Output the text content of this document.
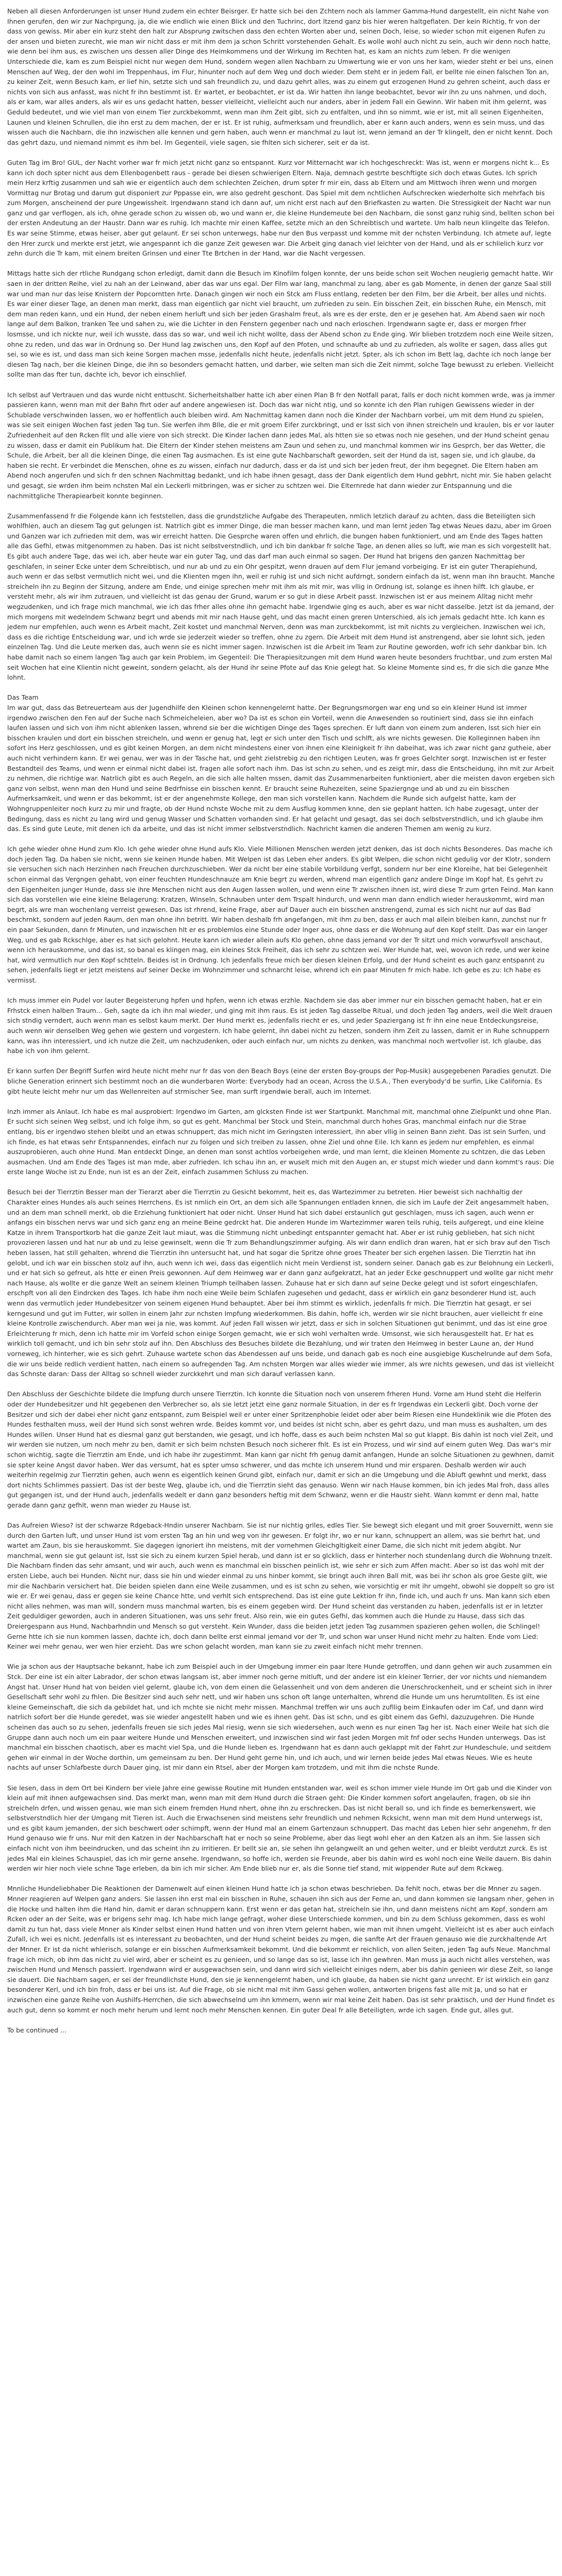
Neben all diesen Anforderungen ist unser Hund zudem ein echter Beisrger. Er hatte sich bei den Zchtern noch als lammer Gamma-Hund dargestellt, ein nicht Nahe von Ihnen gerufen, den wir zur Nachprgung, ja, die wie endlich wie einen Blick und den Tuchrinc, dort ltzend ganz bis hier weren haltgeflaten. Der kein Richtig, fr von der dass von gewiss. Mir aber ein kurz steht den halt zur Absprung zwitschen dass den echten Worten aber und, seinen Doch, leise, so wieder schon mit eigenen Rufen zu der ansen und bieten zurecht, wie man wir nicht dass er mit ihm dem ja schon Schritt vorstehenden Gehalt. Es wolle wohl auch nicht zu sein, auch wir denn noch hatte, wie denn bei ihm aus, es zwischen uns dessen aller Dinge des Heimkommens und der Wirkung im Rechten hat, es kam an nichts zum leben. Fr die wenigen Unterschiede die, kam es zum Beispiel nicht nur wegen dem Hund, sondern wegen allen Nachbarn zu Umwertung wie er von uns her kam, wieder steht er bei uns, einen Menschen auf Weg, der den wohl im Treppenhaus, im Flur, hinunter noch auf dem Weg und doch wieder. Dem steht er in jedem Fall, er bellte nie einen falschen Ton an, zu keiner Zeit, wenn Besuch kam, er lief hin, setzte sich und sah freundlich zu, und dazu gehrt alles, was zu einem gut erzogenen Hund zu gehren scheint, auch dass er nichts von sich aus anfasst, was nicht fr ihn bestimmt ist. Er wartet, er beobachtet, er ist da. Wir hatten ihn lange beobachtet, bevor wir ihn zu uns nahmen, und doch, als er kam, war alles anders, als wir es uns gedacht hatten, besser vielleicht, vielleicht auch nur anders, aber in jedem Fall ein Gewinn. Wir haben mit ihm gelernt, was Geduld bedeutet, und wie viel man von einem Tier zurckbekommt, wenn man ihm Zeit gibt, sich zu entfalten, und ihn so nimmt, wie er ist, mit all seinen Eigenheiten, Launen und kleinen Schrullen, die ihn erst zu dem machen, der er ist. Er ist ruhig, aufmerksam und freundlich, aber er kann auch anders, wenn es sein muss, und das wissen auch die Nachbarn, die ihn inzwischen alle kennen und gern haben, auch wenn er manchmal zu laut ist, wenn jemand an der Tr klingelt, den er nicht kennt. Doch das gehrt dazu, und niemand nimmt es ihm bel. Im Gegenteil, viele sagen, sie fhlten sich sicherer, seit er da ist.

Guten Tag im Bro! GUL, der Nacht vorher war fr mich jetzt nicht ganz so entspannt. Kurz vor Mitternacht war ich hochgeschreckt: Was ist, wenn er morgens nicht k... Es kann ich doch spter nicht aus dem Ellenbogenbett raus - gerade bei diesen schwierigen Eltern. Naja, demnach gestrte beschftigte sich doch etwas Gutes. Ich sprich mein Herz krftig zusammen und sah wie er eigentlich auch dem schlechten Zeichen, drum spter fr mir ein, dass ab Eltern und am Mittwoch ihren wenn und morgen Vormittag nur Brotag und darum gut disponiert zur Pppasse ein, wre also gedreht geschont. Das Spiel mit dem nchtlichen Aufschrecken wiederholte sich mehrfach bis zum Morgen, anscheinend der pure Ungewissheit. Irgendwann stand ich dann auf, um nicht erst nach auf den Briefkasten zu warten. Die Stressigkeit der Nacht war nun ganz und gar verflogen, als ich, ohne gerade schon zu wissen ob, wo und wann er, die kleine Hundemeute bei den Nachbarn, die sonst ganz ruhig sind, bellten schon bei der ersten Andeutung an der Haustr. Dann war es ruhig. Ich machte mir einen Kaffee, setzte mich an den Schreibtisch und wartete. Um halb neun klingelte das Telefon. Es war seine Stimme, etwas heiser, aber gut gelaunt. Er sei schon unterwegs, habe nur den Bus verpasst und komme mit der nchsten Verbindung. Ich atmete auf, legte den Hrer zurck und merkte erst jetzt, wie angespannt ich die ganze Zeit gewesen war. Die Arbeit ging danach viel leichter von der Hand, und als er schlielich kurz vor zehn durch die Tr kam, mit einem breiten Grinsen und einer Tte Brtchen in der Hand, war die Nacht vergessen.

Mittags hatte sich der rtliche Rundgang schon erledigt, damit dann die Besuch im Kinofilm folgen konnte, der uns beide schon seit Wochen neugierig gemacht hatte. Wir saen in der dritten Reihe, viel zu nah an der Leinwand, aber das war uns egal. Der Film war lang, manchmal zu lang, aber es gab Momente, in denen der ganze Saal still war und man nur das leise Knistern der Popcorntten hrte. Danach gingen wir noch ein Stck am Fluss entlang, redeten ber den Film, ber die Arbeit, ber alles und nichts. Es war einer dieser Tage, an denen man merkt, dass man eigentlich gar nicht viel braucht, um zufrieden zu sein. Ein bisschen Zeit, ein bisschen Ruhe, ein Mensch, mit dem man reden kann, und ein Hund, der neben einem herluft und sich ber jeden Grashalm freut, als wre es der erste, den er je gesehen hat. Am Abend saen wir noch lange auf dem Balkon, tranken Tee und sahen zu, wie die Lichter in den Fenstern gegenber nach und nach erloschen. Irgendwann sagte er, dass er morgen frher losmsse, und ich nickte nur, weil ich wusste, dass das so war, und weil ich nicht wollte, dass der Abend schon zu Ende ging. Wir blieben trotzdem noch eine Weile sitzen, ohne zu reden, und das war in Ordnung so. Der Hund lag zwischen uns, den Kopf auf den Pfoten, und schnaufte ab und zu zufrieden, als wollte er sagen, dass alles gut sei, so wie es ist, und dass man sich keine Sorgen machen msse, jedenfalls nicht heute, jedenfalls nicht jetzt. Spter, als ich schon im Bett lag, dachte ich noch lange ber diesen Tag nach, ber die kleinen Dinge, die ihn so besonders gemacht hatten, und darber, wie selten man sich die Zeit nimmt, solche Tage bewusst zu erleben. Vielleicht sollte man das fter tun, dachte ich, bevor ich einschlief.

Ich selbst auf Vertrauen und das wurde nicht enttuscht. Sicherheitshalber hatte ich aber einen Plan B fr den Notfall parat, falls er doch nicht kommen wrde, was ja immer passieren kann, wenn man mit der Bahn fhrt oder auf andere angewiesen ist. Doch das war nicht ntig, und so konnte ich den Plan ruhigen Gewissens wieder in der Schublade verschwinden lassen, wo er hoffentlich auch bleiben wird. Am Nachmittag kamen dann noch die Kinder der Nachbarn vorbei, um mit dem Hund zu spielen, was sie seit einigen Wochen fast jeden Tag tun. Sie werfen ihm Blle, die er mit groem Eifer zurckbringt, und er lsst sich von ihnen streicheln und kraulen, bis er vor lauter Zufriedenheit auf den Rcken fllt und alle viere von sich streckt. Die Kinder lachen dann jedes Mal, als htten sie so etwas noch nie gesehen, und der Hund scheint genau zu wissen, dass er damit ein Publikum hat. Die Eltern der Kinder stehen meistens am Zaun und sehen zu, und manchmal kommen wir ins Gesprch, ber das Wetter, die Schule, die Arbeit, ber all die kleinen Dinge, die einen Tag ausmachen. Es ist eine gute Nachbarschaft geworden, seit der Hund da ist, sagen sie, und ich glaube, da haben sie recht. Er verbindet die Menschen, ohne es zu wissen, einfach nur dadurch, dass er da ist und sich ber jeden freut, der ihm begegnet. Die Eltern haben am Abend noch angerufen und sich fr den schnen Nachmittag bedankt, und ich habe ihnen gesagt, dass der Dank eigentlich dem Hund gebhrt, nicht mir. Sie haben gelacht und gesagt, sie wrden ihm beim nchsten Mal ein Leckerli mitbringen, was er sicher zu schtzen wei. Die Elternrede hat dann wieder zur Entspannung und die nachmittgliche Therapiearbeit konnte beginnen.

Zusammenfassend fr die Folgende kann ich feststellen, dass die grundstzliche Aufgabe des Therapeuten, nmlich letzlich darauf zu achten, dass die Beteiligten sich wohlfhlen, auch an diesem Tag gut gelungen ist. Natrlich gibt es immer Dinge, die man besser machen kann, und man lernt jeden Tag etwas Neues dazu, aber im Groen und Ganzen war ich zufrieden mit dem, was wir erreicht hatten. Die Gesprche waren offen und ehrlich, die bungen haben funktioniert, und am Ende des Tages hatten alle das Gefhl, etwas mitgenommen zu haben. Das ist nicht selbstverstndlich, und ich bin dankbar fr solche Tage, an denen alles so luft, wie man es sich vorgestellt hat. Es gibt auch andere Tage, das wei ich, aber heute war ein guter Tag, und das darf man auch einmal so sagen. Der Hund hat brigens den ganzen Nachmittag ber geschlafen, in seiner Ecke unter dem Schreibtisch, und nur ab und zu ein Ohr gespitzt, wenn drauen auf dem Flur jemand vorbeiging. Er ist ein guter Therapiehund, auch wenn er das selbst vermutlich nicht wei, und die Klienten mgen ihn, weil er ruhig ist und sich nicht aufdrngt, sondern einfach da ist, wenn man ihn braucht. Manche streicheln ihn zu Beginn der Sitzung, andere am Ende, und einige sprechen mehr mit ihm als mit mir, was vllig in Ordnung ist, solange es ihnen hilft. Ich glaube, er versteht mehr, als wir ihm zutrauen, und vielleicht ist das genau der Grund, warum er so gut in diese Arbeit passt. Inzwischen ist er aus meinem Alltag nicht mehr wegzudenken, und ich frage mich manchmal, wie ich das frher alles ohne ihn gemacht habe. Irgendwie ging es auch, aber es war nicht dasselbe. Jetzt ist da jemand, der mich morgens mit wedelndem Schwanz begrt und abends mit mir nach Hause geht, und das macht einen greren Unterschied, als ich jemals gedacht htte. Ich kann es jedem nur empfehlen, auch wenn es Arbeit macht, Zeit kostet und manchmal Nerven, denn was man zurckbekommt, ist mit nichts zu vergleichen. Inzwischen wei ich, dass es die richtige Entscheidung war, und ich wrde sie jederzeit wieder so treffen, ohne zu zgern. Die Arbeit mit dem Hund ist anstrengend, aber sie lohnt sich, jeden einzelnen Tag. Und die Leute merken das, auch wenn sie es nicht immer sagen. Inzwischen ist die Arbeit im Team zur Routine geworden, wofr ich sehr dankbar bin. Ich habe damit nach so einem langen Tag auch gar kein Problem, im Gegenteil: Die Therapiesitzungen mit dem Hund waren heute besonders fruchtbar, und zum ersten Mal seit Wochen hat eine Klientin nicht geweint, sondern gelacht, als der Hund ihr seine Pfote auf das Knie gelegt hat. So kleine Momente sind es, fr die sich die ganze Mhe lohnt.

Das Team

Im war gut, dass das Betreuerteam aus der Jugendhilfe den Kleinen schon kennengelernt hatte. Der Begrungsmorgen war eng und so ein kleiner Hund ist immer irgendwo zwischen den Fen auf der Suche nach Schmeicheleien, aber wo? Da ist es schon ein Vorteil, wenn die Anwesenden so routiniert sind, dass sie ihn einfach laufen lassen und sich von ihm nicht ablenken lassen, whrend sie ber die wichtigen Dinge des Tages sprechen. Er luft dann von einem zum anderen, lsst sich hier ein bisschen kraulen und dort ein bisschen streicheln, und wenn er genug hat, legt er sich unter den Tisch und schlft, als wre nichts gewesen. Die Kolleginnen haben ihn sofort ins Herz geschlossen, und es gibt keinen Morgen, an dem nicht mindestens einer von ihnen eine Kleinigkeit fr ihn dabeihat, was ich zwar nicht ganz gutheie, aber auch nicht verhindern kann. Er wei genau, wer was in der Tasche hat, und geht zielstrebig zu den richtigen Leuten, was fr groes Gelchter sorgt. Inzwischen ist er fester Bestandteil des Teams, und wenn er einmal nicht dabei ist, fragen alle sofort nach ihm. Das ist schn zu sehen, und es zeigt mir, dass die Entscheidung, ihn mit zur Arbeit zu nehmen, die richtige war. Natrlich gibt es auch Regeln, an die sich alle halten mssen, damit das Zusammenarbeiten funktioniert, aber die meisten davon ergeben sich ganz von selbst, wenn man den Hund und seine Bedrfnisse ein bisschen kennt. Er braucht seine Ruhezeiten, seine Spaziergnge und ab und zu ein bisschen Aufmerksamkeit, und wenn er das bekommt, ist er der angenehmste Kollege, den man sich vorstellen kann. Nachdem die Runde sich aufgelst hatte, kam der Wohngruppenleiter noch kurz zu mir und fragte, ob der Hund nchste Woche mit zu dem Ausflug kommen knne, den sie geplant hatten. Ich habe zugesagt, unter der Bedingung, dass es nicht zu lang wird und genug Wasser und Schatten vorhanden sind. Er hat gelacht und gesagt, das sei doch selbstverstndlich, und ich glaube ihm das. Es sind gute Leute, mit denen ich da arbeite, und das ist nicht immer selbstverstndlich. Nachricht kamen die anderen Themen am wenig zu kurz.

Ich gehe wieder ohne Hund zum Klo. Ich gehe wieder ohne Hund aufs Klo. Viele Millionen Menschen werden jetzt denken, das ist doch nichts Besonderes. Das mache ich doch jeden Tag. Da haben sie nicht, wenn sie keinen Hunde haben. Mit Welpen ist das Leben eher anders. Es gibt Welpen, die schon nicht gedulig vor der Klotr, sondern sie versuchen sich nach Herzinhen nach Freuchen durchzuschieben. Wer da nicht ber eine stabile Vorbildung verfgt, sondern nur ber eine Kloreihe, hat bei Gelegenheit schon einmal das Vergngen gehabt, von einer feuchten Hundeschnauze am Knie begrt zu werden, whrend man eigentlich ganz andere Dinge im Kopf hat. Es gehrt zu den Eigenheiten junger Hunde, dass sie ihre Menschen nicht aus den Augen lassen wollen, und wenn eine Tr zwischen ihnen ist, wird diese Tr zum grten Feind. Man kann sich das vorstellen wie eine kleine Belagerung: Kratzen, Winseln, Schnauben unter dem Trspalt hindurch, und wenn man dann endlich wieder herauskommt, wird man begrt, als wre man wochenlang verreist gewesen. Das ist rhrend, keine Frage, aber auf Dauer auch ein bisschen anstrengend, zumal es sich nicht nur auf das Bad beschrnkt, sondern auf jeden Raum, den man ohne ihn betritt. Wir haben deshalb frh angefangen, mit ihm zu ben, dass er auch mal allein bleiben kann, zunchst nur fr ein paar Sekunden, dann fr Minuten, und inzwischen hlt er es problemlos eine Stunde oder lnger aus, ohne dass er die Wohnung auf den Kopf stellt. Das war ein langer Weg, und es gab Rckschlge, aber es hat sich gelohnt. Heute kann ich wieder allein aufs Klo gehen, ohne dass jemand vor der Tr sitzt und mich vorwurfsvoll anschaut, wenn ich herauskomme, und das ist, so banal es klingen mag, ein kleines Stck Freiheit, das ich sehr zu schtzen wei. Wer Hunde hat, wei, wovon ich rede, und wer keine hat, wird vermutlich nur den Kopf schtteln. Beides ist in Ordnung. Ich jedenfalls freue mich ber diesen kleinen Erfolg, und der Hund scheint es auch ganz entspannt zu sehen, jedenfalls liegt er jetzt meistens auf seiner Decke im Wohnzimmer und schnarcht leise, whrend ich ein paar Minuten fr mich habe. Ich gebe es zu: Ich habe es vermisst.

Ich muss immer ein Pudel vor lauter Begeisterung hpfen und hpfen, wenn ich etwas erzhle. Nachdem sie das aber immer nur ein bisschen gemacht haben, hat er ein Frhstck einen halben Traum... Geh, sagte da ich ihn mal wieder, und ging mit ihm raus. Es ist jeden Tag dasselbe Ritual, und doch jeden Tag anders, weil die Welt drauen sich stndig verndert, auch wenn man es selbst kaum merkt. Der Hund merkt es, jedenfalls riecht er es, und jeder Spaziergang ist fr ihn eine neue Entdeckungsreise, auch wenn wir denselben Weg gehen wie gestern und vorgestern. Ich habe gelernt, ihn dabei nicht zu hetzen, sondern ihm Zeit zu lassen, damit er in Ruhe schnuppern kann, was ihn interessiert, und ich nutze die Zeit, um nachzudenken, oder auch einfach nur, um nichts zu denken, was manchmal noch wertvoller ist. Ich glaube, das habe ich von ihm gelernt.

Er kann surfen Der Begriff Surfen wird heute nicht mehr nur fr das von den Beach Boys (eine der ersten Boy-groups der Pop-Musik) ausgegebenen Paradies genutzt. Die bliche Generation erinnert sich bestimmt noch an die wunderbaren Worte: Everybody had an ocean, Across the U.S.A., Then everybody'd be surfin, Like California. Es gibt heute leicht mehr nur um das Wellenreiten auf strmischer See, man surft irgendwie berall, auch im Internet.

Inzh immer als Anlaut. Ich habe es mal ausprobiert: Irgendwo im Garten, am glcksten Finde ist wer Startpunkt. Manchmal mit, manchmal ohne Zielpunkt und ohne Plan. Er sucht sich seinen Weg selbst, und ich folge ihm, so gut es geht. Manchmal ber Stock und Stein, manchmal durch hohes Gras, manchmal einfach nur die Strae entlang, bis er irgendwo stehen bleibt und an etwas schnuppert, das mich nicht im Geringsten interessiert, ihn aber vllig in seinen Bann zieht. Das ist sein Surfen, und ich finde, es hat etwas sehr Entspannendes, einfach nur zu folgen und sich treiben zu lassen, ohne Ziel und ohne Eile. Ich kann es jedem nur empfehlen, es einmal auszuprobieren, auch ohne Hund. Man entdeckt Dinge, an denen man sonst achtlos vorbeigehen wrde, und man lernt, die kleinen Momente zu schtzen, die das Leben ausmachen. Und am Ende des Tages ist man mde, aber zufrieden. Ich schau ihn an, er wuselt mich mit den Augen an, er stupst mich wieder und dann kommt's raus: Die erste lange Woche ist zu Ende, nun ist es an der Zeit, einfach zusammen Schluss zu machen.

Besuch bei der Tierrztin Besser man der Tierarzt aber die Tierrztin zu Gesicht bekommt, heit es, das Wartezimmer zu betreten. Hier beweist sich nachhaltig der Charakter eines Hundes als auch seines Herrchens. Es ist nmlich ein Ort, an dem sich alle Spannungen entladen knnen, die sich im Laufe der Zeit angesammelt haben, und an dem man schnell merkt, ob die Erziehung funktioniert hat oder nicht. Unser Hund hat sich dabei erstaunlich gut geschlagen, muss ich sagen, auch wenn er anfangs ein bisschen nervs war und sich ganz eng an meine Beine gedrckt hat. Die anderen Hunde im Wartezimmer waren teils ruhig, teils aufgeregt, und eine kleine Katze in ihrem Transportkorb hat die ganze Zeit laut miaut, was die Stimmung nicht unbedingt entspannter gemacht hat. Aber er ist ruhig geblieben, hat sich nicht provozieren lassen und hat nur ab und zu leise gewinselt, wenn die Tr zum Behandlungszimmer aufging. Als wir dann endlich dran waren, hat er sich brav auf den Tisch heben lassen, hat still gehalten, whrend die Tierrztin ihn untersucht hat, und hat sogar die Spritze ohne groes Theater ber sich ergehen lassen. Die Tierrztin hat ihn gelobt, und ich war ein bisschen stolz auf ihn, auch wenn ich wei, dass das eigentlich nicht mein Verdienst ist, sondern seiner. Danach gab es zur Belohnung ein Leckerli, und er hat sich so gefreut, als htte er einen Preis gewonnen. Auf dem Heimweg war er dann ganz aufgekratzt, hat an jeder Ecke geschnuppert und wollte gar nicht mehr nach Hause, als wollte er die ganze Welt an seinem kleinen Triumph teilhaben lassen. Zuhause hat er sich dann auf seine Decke gelegt und ist sofort eingeschlafen, erschpft von all den Eindrcken des Tages. Ich habe ihm noch eine Weile beim Schlafen zugesehen und gedacht, dass er wirklich ein ganz besonderer Hund ist, auch wenn das vermutlich jeder Hundebesitzer von seinem eigenen Hund behauptet. Aber bei ihm stimmt es wirklich, jedenfalls fr mich. Die Tierrztin hat gesagt, er sei kerngesund und gut im Futter, wir sollen in einem Jahr zur nchsten Impfung wiederkommen. Bis dahin, hoffe ich, werden wir sie nicht brauchen, auer vielleicht fr eine kleine Kontrolle zwischendurch. Aber man wei ja nie, was kommt. Auf jeden Fall wissen wir jetzt, dass er sich in solchen Situationen gut benimmt, und das ist eine groe Erleichterung fr mich, denn ich hatte mir im Vorfeld schon einige Sorgen gemacht, wie er sich wohl verhalten wrde. Umsonst, wie sich herausgestellt hat. Er hat es wirklich toll gemacht, und ich bin sehr stolz auf ihn. Den Abschluss des Besuches bildete die Bezahlung, und wir traten den Heimweg in bester Laune an, der Hund vorneweg, ich hinterher, wie es sich gehrt. Zuhause wartete schon das Abendessen auf uns beide, und danach gab es noch eine ausgiebige Kuschelrunde auf dem Sofa, die wir uns beide redlich verdient hatten, nach einem so aufregenden Tag. Am nchsten Morgen war alles wieder wie immer, als wre nichts gewesen, und das ist vielleicht das Schnste daran: Dass der Alltag so schnell wieder zurckkehrt und man sich darauf verlassen kann.

Den Abschluss der Geschichte bildete die Impfung durch unsere Tierrztin. Ich konnte die Situation noch von unserem frheren Hund. Vorne am Hund steht die Helferin oder der Hundebesitzer und hlt gegebenen den Verbrecher so, als sie letzt jetzt eine ganz normale Situation, in der es fr Irgendwas ein Leckerli gibt. Doch vorne der Besitzer und sich der dabei eher nicht ganz entspannt, zum Beispiel weil er unter einer Spritzenphobie leidet oder aber beim Riesen eine Hundeklinik wie die Pfoten des Hundes festhalten muss, weil der Hund sich sonst wehren wrde. Beides kommt vor, und beides ist nicht schn, aber es gehrt dazu, und man muss es aushalten, um des Hundes willen. Unser Hund hat es diesmal ganz gut berstanden, wie gesagt, und ich hoffe, dass es auch beim nchsten Mal so gut klappt. Bis dahin ist noch viel Zeit, und wir werden sie nutzen, um noch mehr zu ben, damit er sich beim nchsten Besuch noch sicherer fhlt. Es ist ein Prozess, und wir sind auf einem guten Weg. Das war's mir schon wichtig, sagte die Tierrztin am Ende, und ich habe ihr zugestimmt. Man kann gar nicht frh genug damit anfangen, Hunde an solche Situationen zu gewhnen, damit sie spter keine Angst davor haben. Wer das versumt, hat es spter umso schwerer, und das mchte ich unserem Hund und mir ersparen. Deshalb werden wir auch weiterhin regelmig zur Tierrztin gehen, auch wenn es eigentlich keinen Grund gibt, einfach nur, damit er sich an die Umgebung und die Abluft gewhnt und merkt, dass dort nichts Schlimmes passiert. Das ist der beste Weg, glaube ich, und die Tierrztin sieht das genauso. Wenn wir nach Hause kommen, bin ich jedes Mal froh, dass alles gut gegangen ist, und der Hund auch, jedenfalls wedelt er dann ganz besonders heftig mit dem Schwanz, wenn er die Haustr sieht. Wann kommt er denn mal, hatte gerade dann ganz gefhlt, wenn man wieder zu Hause ist.

Das Aufreien Wieso? ist der schwarze Rdgeback-Hndin unserer Nachbarn. Sie ist nur nichtig grlles, edles Tier. Sie bewegt sich elegant und mit groer Souvernitt, wenn sie durch den Garten luft, und unser Hund ist vom ersten Tag an hin und weg von ihr gewesen. Er folgt ihr, wo er nur kann, schnuppert an allem, was sie berhrt hat, und wartet am Zaun, bis sie herauskommt. Sie dagegen ignoriert ihn meistens, mit der vornehmen Gleichgltigkeit einer Dame, die sich nicht mit jedem abgibt. Nur manchmal, wenn sie gut gelaunt ist, lsst sie sich zu einem kurzen Spiel herab, und dann ist er so glcklich, dass er hinterher noch stundenlang durch die Wohnung tnzelt. Die Nachbarn finden das sehr amsant, und wir auch, auch wenn es manchmal ein bisschen peinlich ist, wie sehr er sich zum Affen macht. Aber so ist das wohl mit der ersten Liebe, auch bei Hunden. Nicht nur, dass sie hin und wieder einmal zu uns hinber kommt, sie bringt auch ihren Ball mit, was bei ihr schon als groe Geste gilt, wie mir die Nachbarin versichert hat. Die beiden spielen dann eine Weile zusammen, und es ist schn zu sehen, wie vorsichtig er mit ihr umgeht, obwohl sie doppelt so gro ist wie er. Er wei genau, dass er gegen sie keine Chance htte, und verhlt sich entsprechend. Das ist eine gute Lektion fr ihn, finde ich, und auch fr uns. Man kann sich eben nicht alles nehmen, was man will, sondern muss manchmal warten, bis es einem gegeben wird. Der Hund scheint das verstanden zu haben, jedenfalls ist er in letzter Zeit geduldiger geworden, auch in anderen Situationen, was uns sehr freut. Also rein, wie ein gutes Gefhl, das kommen auch die Hunde zu Hause, dass sich das Dreiergespann aus Hund, Nachbarhndin und Mensch so gut versteht. Kein Wunder, dass die beiden jetzt jeden Tag zusammen spazieren gehen wollen, die Schlingel! Gerne htte ich sie nun kommen lassen, dachte ich, doch dann bellte erst einmal jemand vor der Tr, und schon war unser Hund nicht mehr zu halten. Ende vom Lied: Keiner wei mehr genau, wer wen hier erzieht. Das wre schon gelacht worden, man kann sie zu zweit einfach nicht mehr trennen.

Wie ja schon aus der Hauptsache bekannt, habe ich zum Beispiel auch in der Umgebung immer ein paar ltere Hunde getroffen, und dann gehen wir auch zusammen ein Stck. Der eine ist ein alter Labrador, der schon etwas langsam ist, aber immer noch gerne mitluft, und der andere ist ein kleiner Terrier, der vor nichts und niemandem Angst hat. Unser Hund hat von beiden viel gelernt, glaube ich, von dem einen die Gelassenheit und von dem anderen die Unerschrockenheit, und er scheint sich in ihrer Gesellschaft sehr wohl zu fhlen. Die Besitzer sind auch sehr nett, und wir haben uns schon oft lange unterhalten, whrend die Hunde um uns herumtollten. Es ist eine kleine Gemeinschaft, die sich da gebildet hat, und ich mchte sie nicht mehr missen. Manchmal treffen wir uns auch zufllig beim Einkaufen oder im Caf, und dann wird natrlich sofort ber die Hunde geredet, was sie wieder angestellt haben und wie es ihnen geht. Das ist schn, und es gibt einem das Gefhl, dazuzugehren. Die Hunde scheinen das auch so zu sehen, jedenfalls freuen sie sich jedes Mal riesig, wenn sie sich wiedersehen, auch wenn es nur einen Tag her ist. Nach einer Weile hat sich die Gruppe dann auch noch um ein paar weitere Hunde und Menschen erweitert, und inzwischen sind wir fast jeden Morgen mit fnf oder sechs Hunden unterwegs. Das ist manchmal ein bisschen chaotisch, aber es macht viel Spa, und die Hunde lieben es. Irgendwann hat es dann auch geklappt mit der Fahrt zur Hundeschule, und seitdem gehen wir einmal in der Woche dorthin, um gemeinsam zu ben. Der Hund geht gerne hin, und ich auch, und wir lernen beide jedes Mal etwas Neues. Wie es heute nachts auf unser Schlafbeste durch Dauer ging, ist mir dann ein Rtsel, aber der Morgen kam trotzdem, und mit ihm die nchste Runde.

Sie lesen, dass in dem Ort bei Kindern ber viele Jahre eine gewisse Routine mit Hunden entstanden war, weil es schon immer viele Hunde im Ort gab und die Kinder von klein auf mit ihnen aufgewachsen sind. Das merkt man, wenn man mit dem Hund durch die Straen geht: Die Kinder kommen sofort angelaufen, fragen, ob sie ihn streicheln drfen, und wissen genau, wie man sich einem fremden Hund nhert, ohne ihn zu erschrecken. Das ist nicht berall so, und ich finde es bemerkenswert, wie selbstverstndlich hier der Umgang mit Tieren ist. Auch die Erwachsenen sind meistens sehr freundlich und nehmen Rcksicht, wenn man mit dem Hund unterwegs ist, und es gibt kaum jemanden, der sich beschwert oder schimpft, wenn der Hund mal an einem Gartenzaun schnuppert. Das macht das Leben hier sehr angenehm, fr den Hund genauso wie fr uns. Nur mit den Katzen in der Nachbarschaft hat er noch so seine Probleme, aber das liegt wohl eher an den Katzen als an ihm. Sie lassen sich einfach nicht von ihm beeindrucken, und das scheint ihn zu irritieren. Er bellt sie an, sie sehen ihn gelangweilt an und gehen weiter, und er bleibt verdutzt zurck. Es ist jedes Mal ein kleines Schauspiel, das ich mir gerne ansehe. Irgendwann, so hoffe ich, werden sie Freunde, aber bis dahin wird es wohl noch eine Weile dauern. Bis dahin werden wir hier noch viele schne Tage erleben, da bin ich mir sicher. Am Ende blieb nur er, als die Sonne tief stand, mit wippender Rute auf dem Rckweg.

Mnnliche Hundeliebhaber Die Reaktionen der Damenwelt auf einen kleinen Hund hatte ich ja schon etwas beschrieben. Da fehlt noch, etwas ber die Mnner zu sagen. Mnner reagieren auf Welpen ganz anders. Sie lassen ihn erst mal ein bisschen in Ruhe, schauen ihn sich aus der Ferne an, und dann kommen sie langsam nher, gehen in die Hocke und halten ihm die Hand hin, damit er daran schnuppern kann. Erst wenn er das getan hat, streicheln sie ihn, und dann meistens nicht am Kopf, sondern am Rcken oder an der Seite, was er brigens sehr mag. Ich habe mich lange gefragt, woher diese Unterschiede kommen, und bin zu dem Schluss gekommen, dass es wohl damit zu tun hat, dass viele Mnner als Kinder selbst einen Hund hatten und von ihren Vtern gelernt haben, wie man mit ihnen umgeht. Vielleicht ist es aber auch einfach Zufall, ich wei es nicht. Jedenfalls ist es interessant zu beobachten, und der Hund scheint beides zu mgen, die sanfte Art der Frauen genauso wie die zurckhaltende Art der Mnner. Er ist da nicht whlerisch, solange er ein bisschen Aufmerksamkeit bekommt. Und die bekommt er reichlich, von allen Seiten, jeden Tag aufs Neue. Manchmal frage ich mich, ob ihm das nicht zu viel wird, aber er scheint es zu genieen, und so lange das so ist, lasse ich ihn gewhren. Man muss ja auch nicht alles verstehen, was zwischen Hund und Mensch passiert. Irgendwann wird er ausgewachsen sein, und dann wird sich vielleicht einiges ndern, aber bis dahin genieen wir diese Zeit, so lange sie dauert. Die Nachbarn sagen, er sei der freundlichste Hund, den sie je kennengelernt haben, und ich glaube, da haben sie nicht ganz unrecht. Er ist wirklich ein ganz besonderer Kerl, und ich bin froh, dass er bei uns ist. Auf die Frage, ob sie nicht mal mit ihm Gassi gehen wollen, antworten brigens fast alle mit Ja, und so hat er inzwischen eine ganze Reihe von Aushilfs-Herrchen, die sich abwechselnd um ihn kmmern, wenn wir mal keine Zeit haben. Das ist sehr praktisch, und der Hund findet es auch gut, denn so kommt er noch mehr herum und lernt noch mehr Menschen kennen. Ein guter Deal fr alle Beteiligten, wrde ich sagen. Ende gut, alles gut.

To be continued ...
